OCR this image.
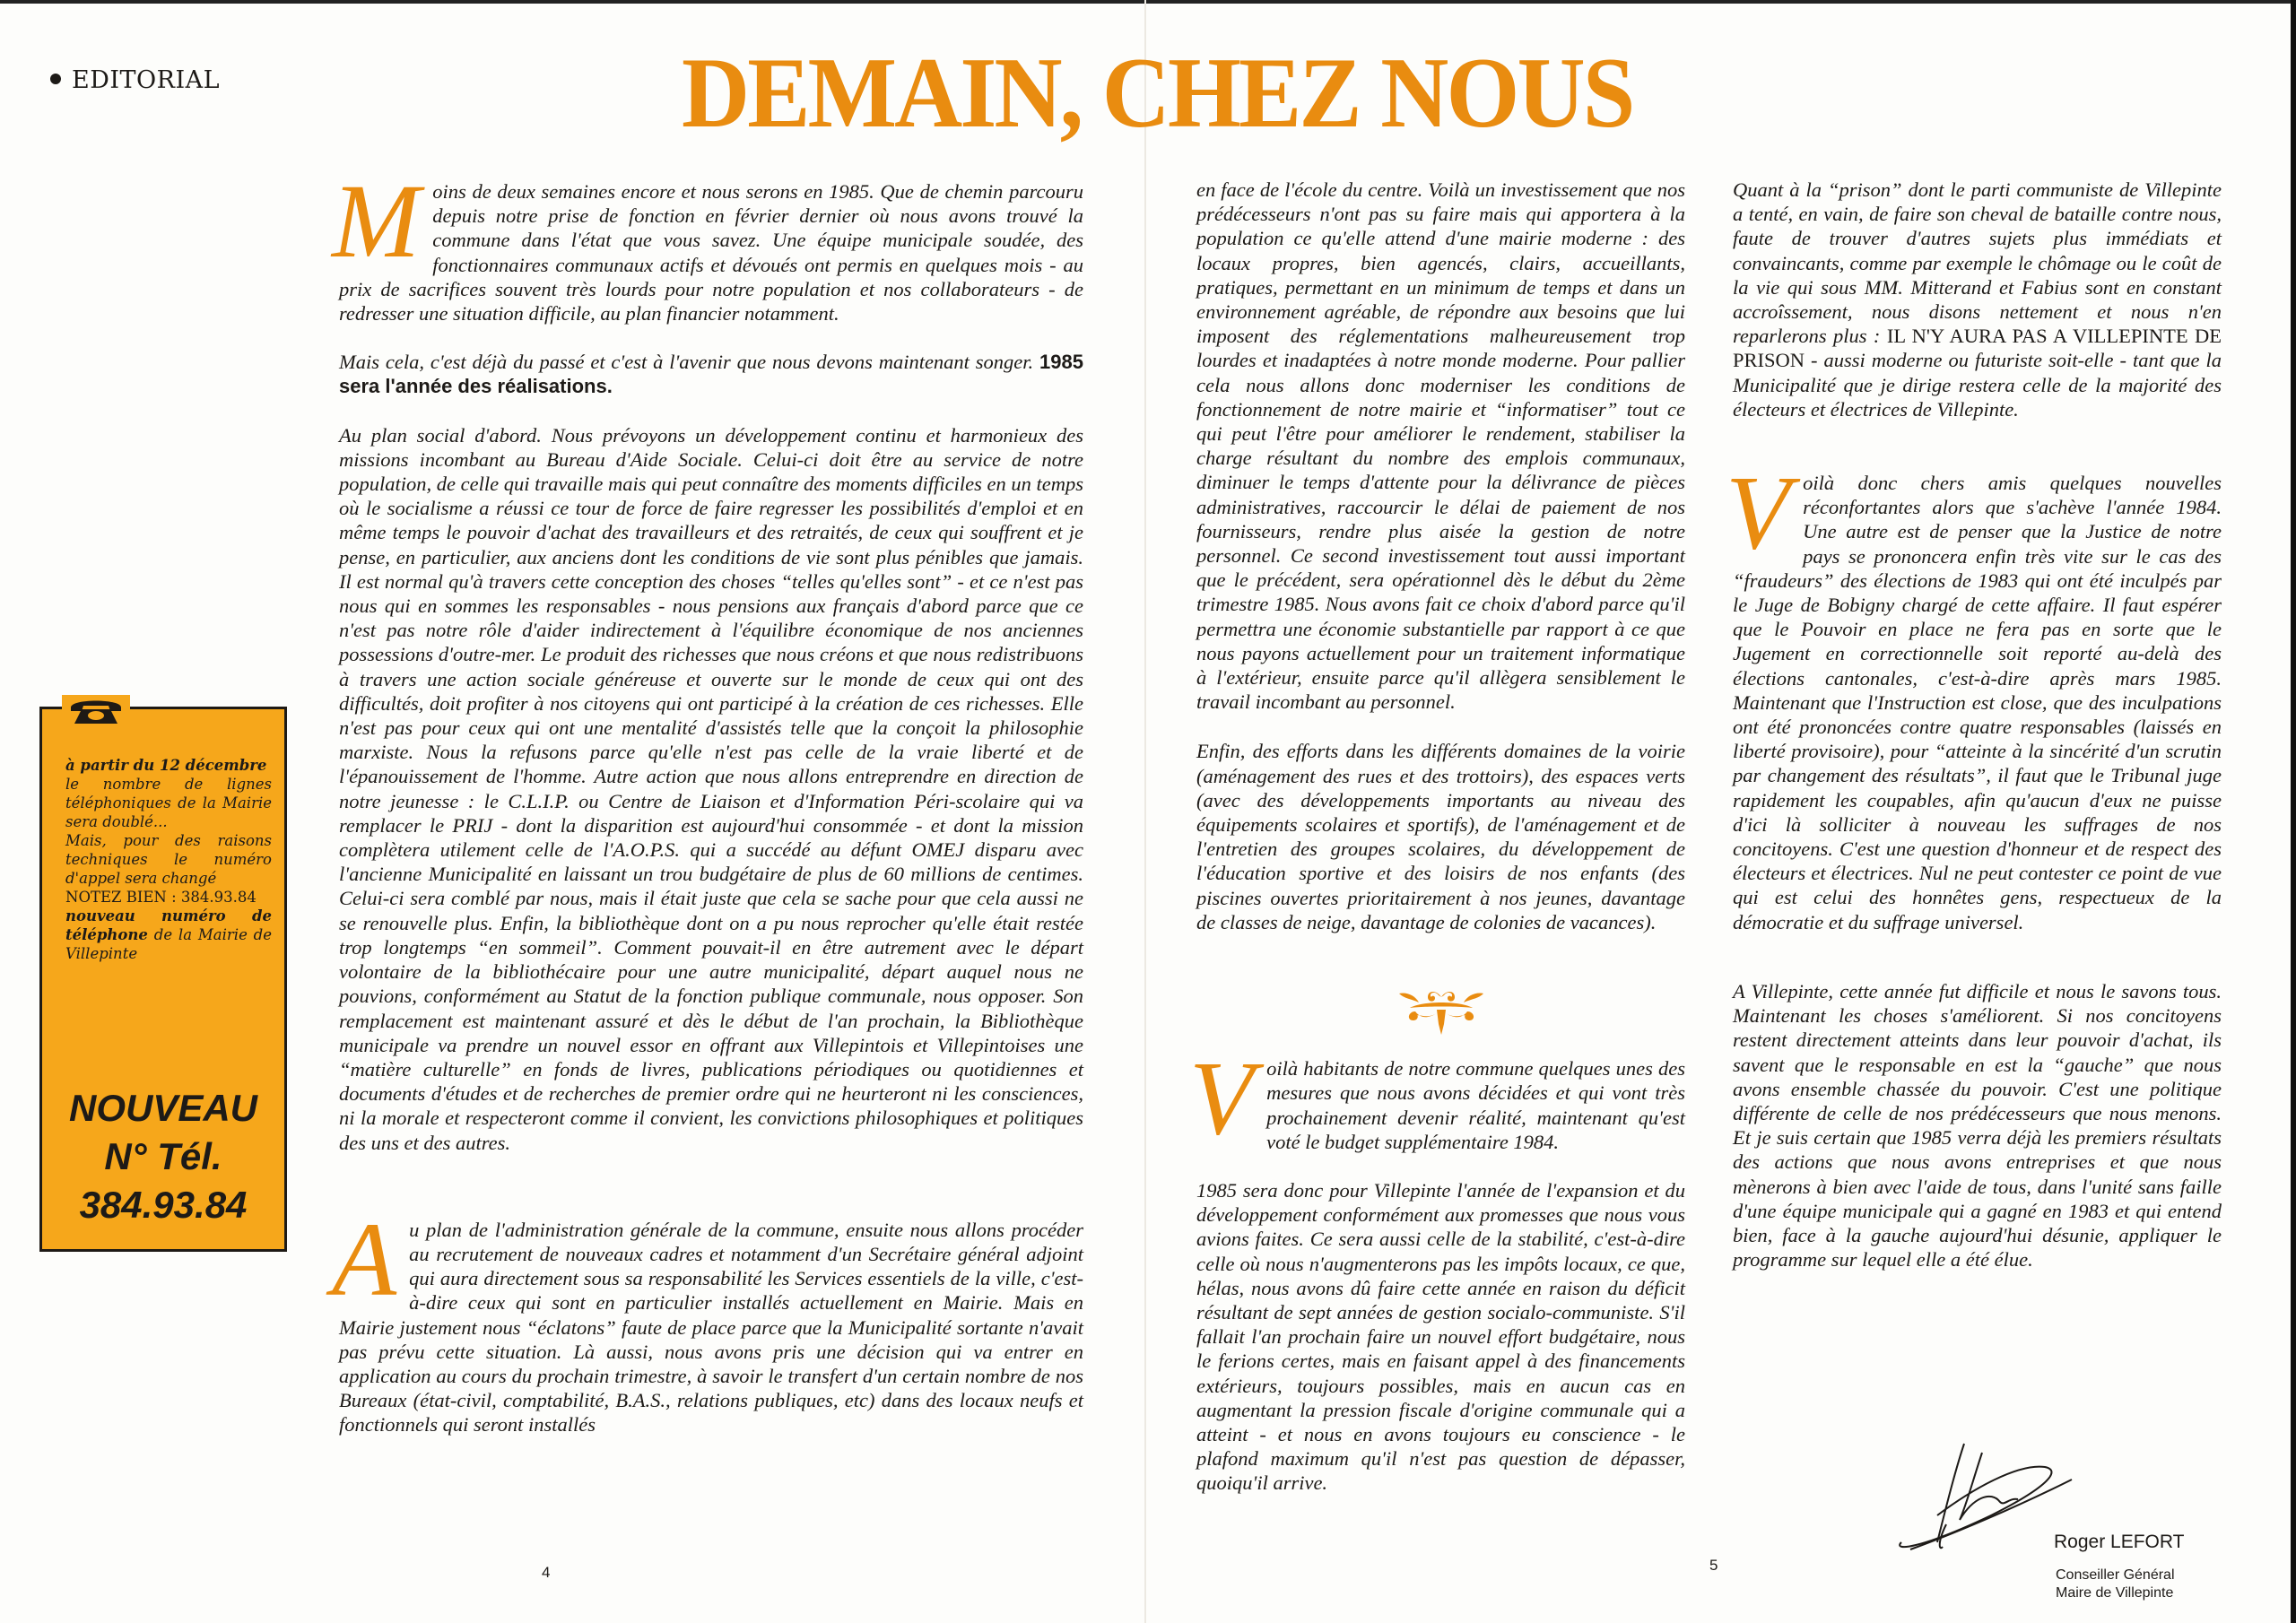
EDITORIAL	DEMAIN, CHEZ NOUS
à partir du 12 décembre
le nombre de lignes téléphoniques de la Mairie sera doublé...
Mais, pour des raisons techniques le numéro d'appel sera changé
NOTEZ BIEN : 384.93.84
nouveau numéro de téléphone de la Mairie de Villepinte
NOUVEAU
N° Tél.
384.93.84

Moins de deux semaines encore et nous serons en 1985. Que de chemin parcouru depuis notre prise de fonction en février dernier où nous avons trouvé la commune dans l'état que vous savez. Une équipe municipale soudée, des fonctionnaires communaux actifs et dévoués ont permis en quelques mois - au prix de sacrifices souvent très lourds pour notre population et nos collaborateurs - de redresser une situation difficile, au plan financier notamment.

Mais cela, c'est déjà du passé et c'est à l'avenir que nous devons maintenant songer. 1985 sera l'année des réalisations.

Au plan social d'abord. Nous prévoyons un développement continu et harmonieux des missions incombant au Bureau d'Aide Sociale. Celui-ci doit être au service de notre population, de celle qui travaille mais qui peut connaître des moments difficiles en un temps où le socialisme a réussi ce tour de force de faire regresser les possibilités d'emploi et en même temps le pouvoir d'achat des travailleurs et des retraités, de ceux qui souffrent et je pense, en particulier, aux anciens dont les conditions de vie sont plus pénibles que jamais. Il est normal qu'à travers cette conception des choses “telles qu'elles sont” - et ce n'est pas nous qui en sommes les responsables - nous pensions aux français d'abord parce que ce n'est pas notre rôle d'aider indirectement à l'équilibre économique de nos anciennes possessions d'outre-mer. Le produit des richesses que nous créons et que nous redistribuons à travers une action sociale généreuse et ouverte sur le monde de ceux qui ont des difficultés, doit profiter à nos citoyens qui ont participé à la création de ces richesses. Elle n'est pas pour ceux qui ont une mentalité d'assistés telle que la conçoit la philosophie marxiste. Nous la refusons parce qu'elle n'est pas celle de la vraie liberté et de l'épanouissement de l'homme. Autre action que nous allons entreprendre en direction de notre jeunesse : le C.L.I.P. ou Centre de Liaison et d'Information Péri-scolaire qui va remplacer le PRIJ - dont la disparition est aujourd'hui consommée - et dont la mission complètera utilement celle de l'A.O.P.S. qui a succédé au défunt OMEJ disparu avec l'ancienne Municipalité en laissant un trou budgétaire de plus de 60 millions de centimes. Celui-ci sera comblé par nous, mais il était juste que cela se sache pour que cela aussi ne se renouvelle plus. Enfin, la bibliothèque dont on a pu nous reprocher qu'elle était restée trop longtemps “en sommeil”. Comment pouvait-il en être autrement avec le départ volontaire de la bibliothécaire pour une autre municipalité, départ auquel nous ne pouvions, conformément au Statut de la fonction publique communale, nous opposer. Son remplacement est maintenant assuré et dès le début de l'an prochain, la Bibliothèque municipale va prendre un nouvel essor en offrant aux Villepintois et Villepintoises une “matière culturelle” en fonds de livres, publications périodiques ou quotidiennes et documents d'études et de recherches de premier ordre qui ne heurteront ni les consciences, ni la morale et respecteront comme il convient, les convictions philosophiques et politiques des uns et des autres.

Au plan de l'administration générale de la commune, ensuite nous allons procéder au recrutement de nouveaux cadres et notamment d'un Secrétaire général adjoint qui aura directement sous sa responsabilité les Services essentiels de la ville, c'est-à-dire ceux qui sont en particulier installés actuellement en Mairie. Mais en Mairie justement nous “éclatons” faute de place parce que la Municipalité sortante n'avait pas prévu cette situation. Là aussi, nous avons pris une décision qui va entrer en application au cours du prochain trimestre, à savoir le transfert d'un certain nombre de nos Bureaux (état-civil, comptabilité, B.A.S., relations publiques, etc) dans des locaux neufs et fonctionnels qui seront installés

4

en face de l'école du centre. Voilà un investissement que nos prédécesseurs n'ont pas su faire mais qui apportera à la population ce qu'elle attend d'une mairie moderne : des locaux propres, bien agencés, clairs, accueillants, pratiques, permettant en un minimum de temps et dans un environnement agréable, de répondre aux besoins que lui imposent des réglementations malheureusement trop lourdes et inadaptées à notre monde moderne. Pour pallier cela nous allons donc moderniser les conditions de fonctionnement de notre mairie et “informatiser” tout ce qui peut l'être pour améliorer le rendement, stabiliser la charge résultant du nombre des emplois communaux, diminuer le temps d'attente pour la délivrance de pièces administratives, raccourcir le délai de paiement de nos fournisseurs, rendre plus aisée la gestion de notre personnel. Ce second investissement tout aussi important que le précédent, sera opérationnel dès le début du 2ème trimestre 1985. Nous avons fait ce choix d'abord parce qu'il permettra une économie substantielle par rapport à ce que nous payons actuellement pour un traitement informatique à l'extérieur, ensuite parce qu'il allègera sensiblement le travail incombant au personnel.

Enfin, des efforts dans les différents domaines de la voirie (aménagement des rues et des trottoirs), des espaces verts (avec des développements importants au niveau des équipements scolaires et sportifs), de l'aménagement et de l'entretien des groupes scolaires, du développement de l'éducation sportive et des loisirs de nos enfants (des piscines ouvertes prioritairement à nos jeunes, davantage de classes de neige, davantage de colonies de vacances).

Voilà habitants de notre commune quelques unes des mesures que nous avons décidées et qui vont très prochainement devenir réalité, maintenant qu'est voté le budget supplémentaire 1984.

1985 sera donc pour Villepinte l'année de l'expansion et du développement conformément aux promesses que nous vous avions faites. Ce sera aussi celle de la stabilité, c'est-à-dire celle où nous n'augmenterons pas les impôts locaux, ce que, hélas, nous avons dû faire cette année en raison du déficit résultant de sept années de gestion socialo-communiste. S'il fallait l'an prochain faire un nouvel effort budgétaire, nous le ferions certes, mais en faisant appel à des financements extérieurs, toujours possibles, mais en aucun cas en augmentant la pression fiscale d'origine communale qui a atteint - et nous en avons toujours eu conscience - le plafond maximum qu'il n'est pas question de dépasser, quoiqu'il arrive.

5

Quant à la “prison” dont le parti communiste de Villepinte a tenté, en vain, de faire son cheval de bataille contre nous, faute de trouver d'autres sujets plus immédiats et convaincants, comme par exemple le chômage ou le coût de la vie qui sous MM. Mitterand et Fabius sont en constant accroîssement, nous disons nettement et nous n'en reparlerons plus : IL N'Y AURA PAS A VILLEPINTE DE PRISON - aussi moderne ou futuriste soit-elle - tant que la Municipalité que je dirige restera celle de la majorité des électeurs et électrices de Villepinte.

Voilà donc chers amis quelques nouvelles réconfortantes alors que s'achève l'année 1984. Une autre est de penser que la Justice de notre pays se prononcera enfin très vite sur le cas des “fraudeurs” des élections de 1983 qui ont été inculpés par le Juge de Bobigny chargé de cette affaire. Il faut espérer que le Pouvoir en place ne fera pas en sorte que le Jugement en correctionnelle soit reporté au-delà des élections cantonales, c'est-à-dire après mars 1985. Maintenant que l'Instruction est close, que des inculpations ont été prononcées contre quatre responsables (laissés en liberté provisoire), pour “atteinte à la sincérité d'un scrutin par changement des résultats”, il faut que le Tribunal juge rapidement les coupables, afin qu'aucun d'eux ne puisse d'ici là solliciter à nouveau les suffrages de nos concitoyens. C'est une question d'honneur et de respect des électeurs et électrices. Nul ne peut contester ce point de vue qui est celui des honnêtes gens, respectueux de la démocratie et du suffrage universel.

A Villepinte, cette année fut difficile et nous le savons tous. Maintenant les choses s'améliorent. Si nos concitoyens restent directement atteints dans leur pouvoir d'achat, ils savent que le responsable en est la “gauche” que nous avons ensemble chassée du pouvoir. C'est une politique différente de celle de nos prédécesseurs que nous menons. Et je suis certain que 1985 verra déjà les premiers résultats des actions que nous avons entreprises et que nous mènerons à bien avec l'aide de tous, dans l'unité sans faille d'une équipe municipale qui a gagné en 1983 et qui entend bien, face à la gauche aujourd'hui désunie, appliquer le programme sur lequel elle a été élue.

Roger LEFORT
Conseiller Général
Maire de Villepinte
